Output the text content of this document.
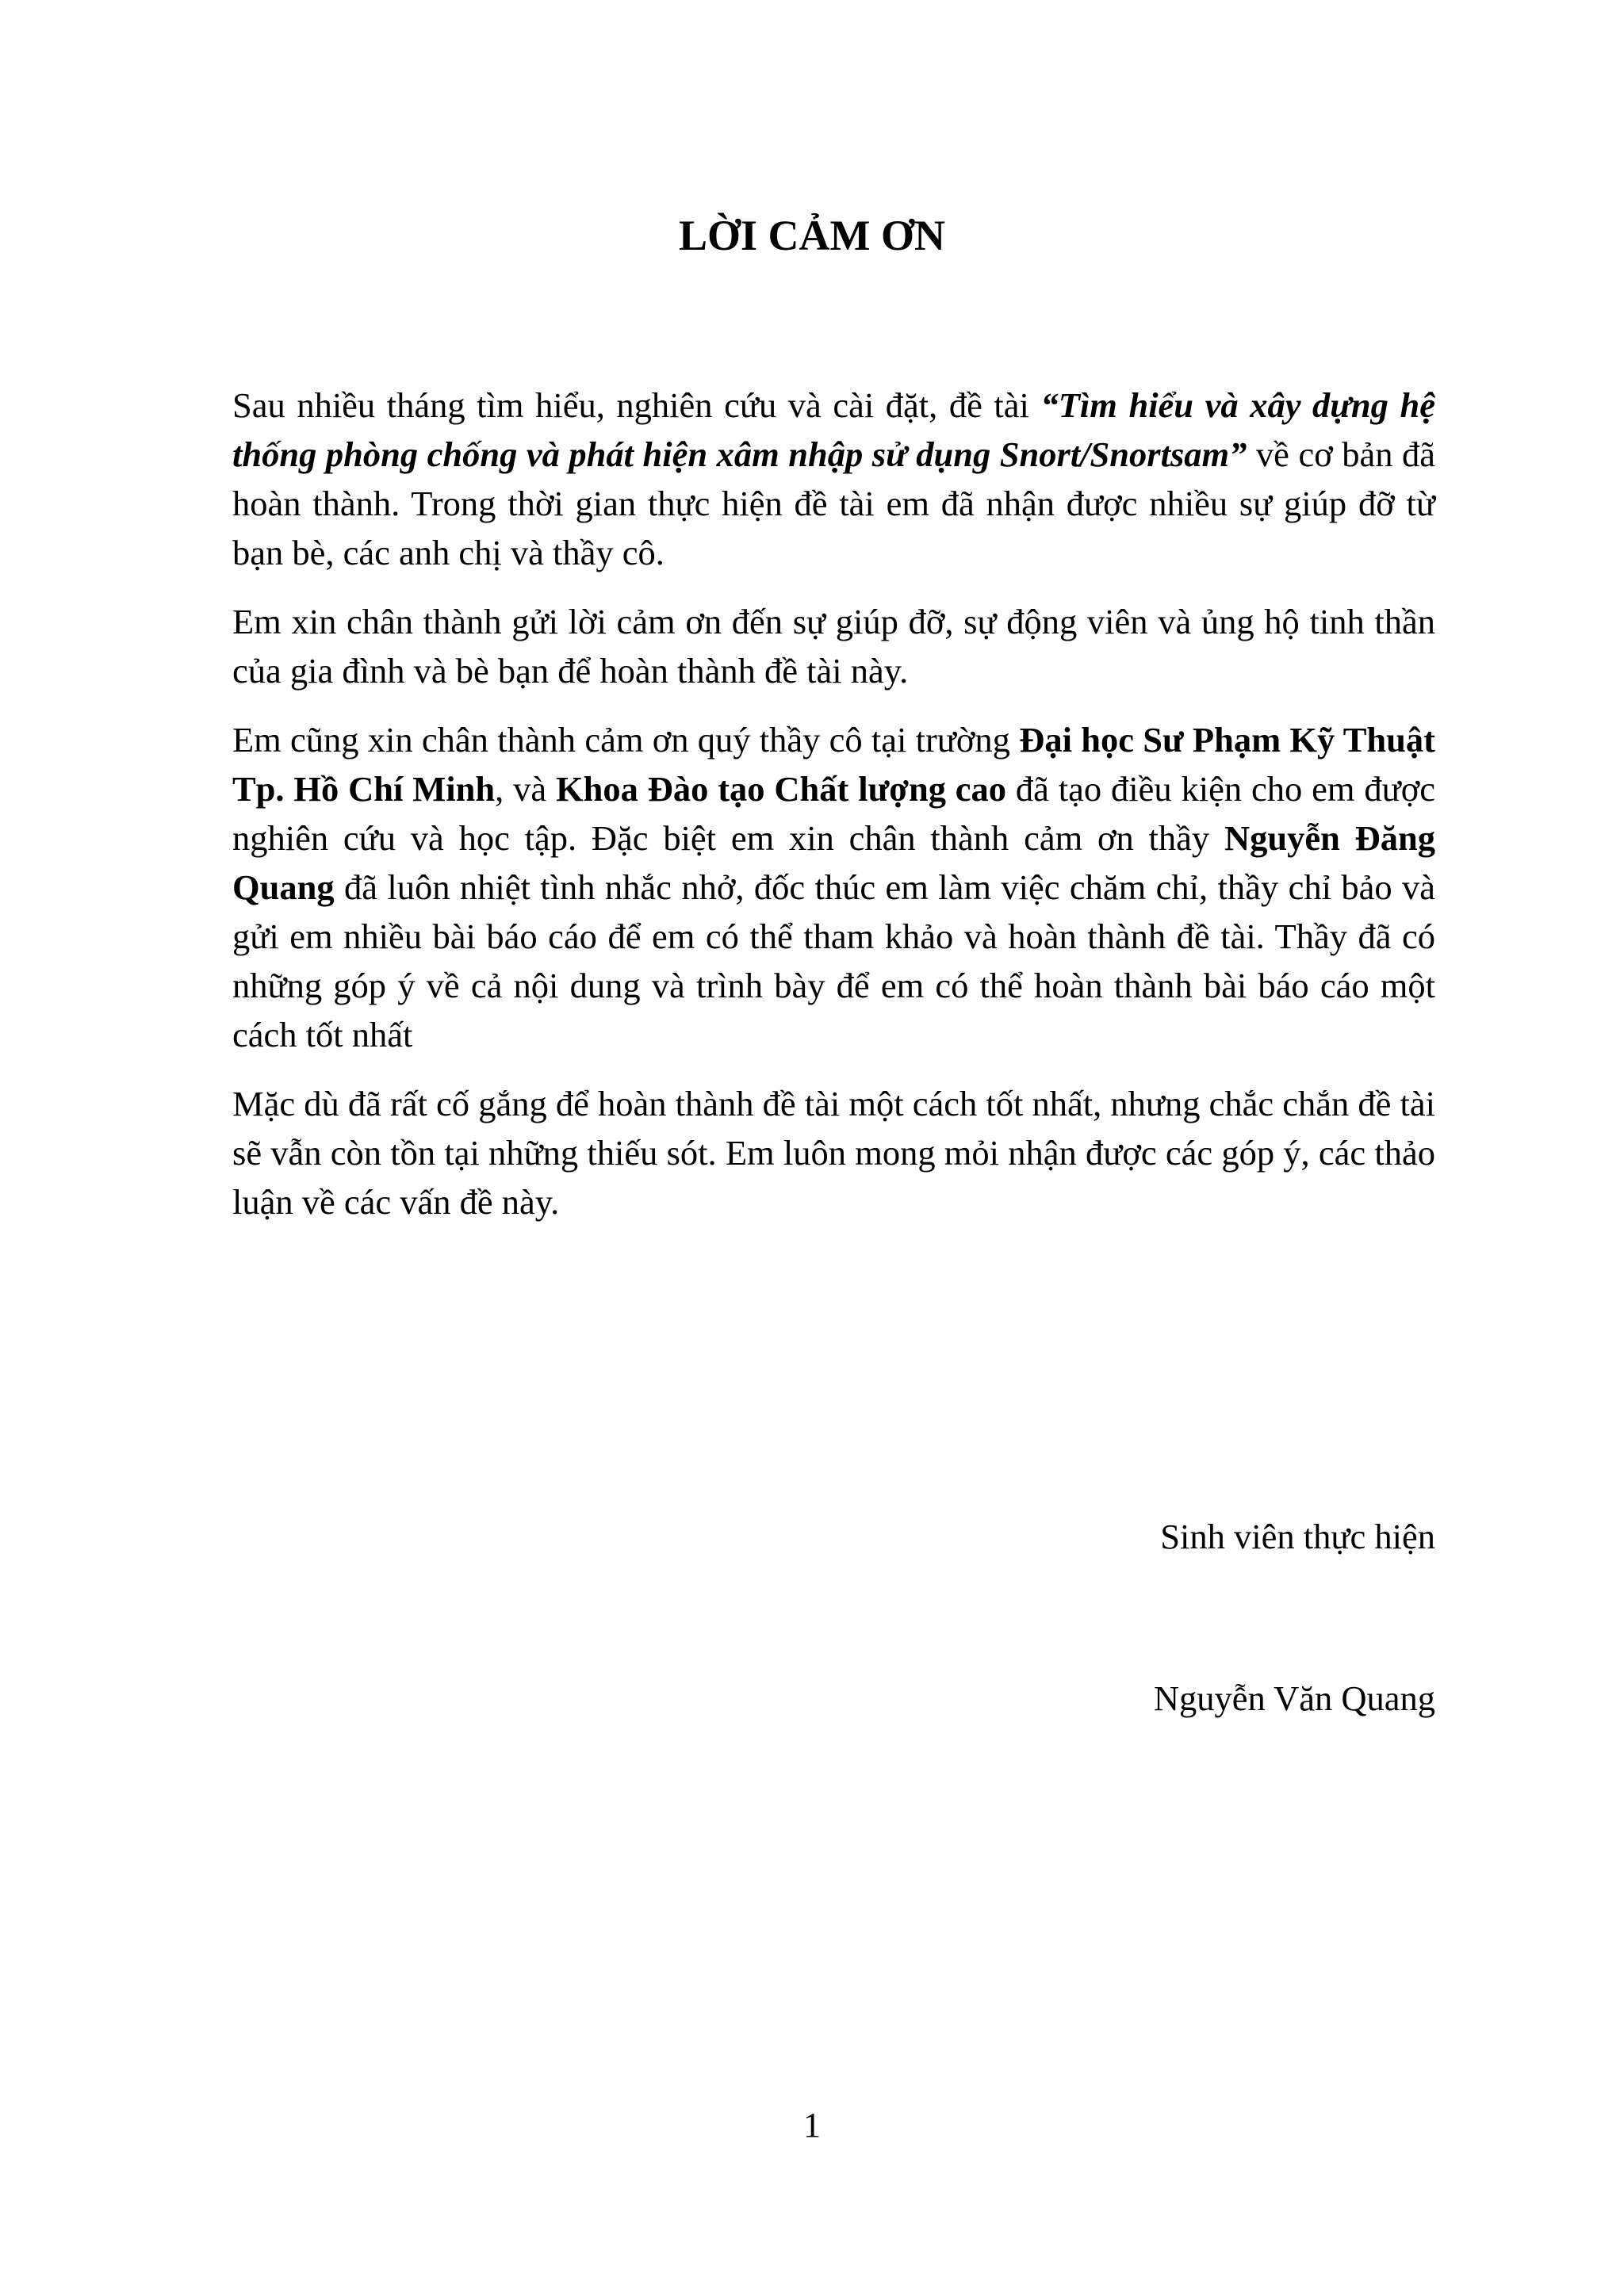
LỜI CẢM ƠN

Sau nhiều tháng tìm hiểu, nghiên cứu và cài đặt, đề tài “Tìm hiểu và xây dựng hệ thống phòng chống và phát hiện xâm nhập sử dụng Snort/Snortsam” về cơ bản đã hoàn thành. Trong thời gian thực hiện đề tài em đã nhận được nhiều sự giúp đỡ từ bạn bè, các anh chị và thầy cô.

Em xin chân thành gửi lời cảm ơn đến sự giúp đỡ, sự động viên và ủng hộ tinh thần của gia đình và bè bạn để hoàn thành đề tài này.

Em cũng xin chân thành cảm ơn quý thầy cô tại trường Đại học Sư Phạm Kỹ Thuật Tp. Hồ Chí Minh, và Khoa Đào tạo Chất lượng cao đã tạo điều kiện cho em được nghiên cứu và học tập. Đặc biệt em xin chân thành cảm ơn thầy Nguyễn Đăng Quang đã luôn nhiệt tình nhắc nhở, đốc thúc em làm việc chăm chỉ, thầy chỉ bảo và gửi em nhiều bài báo cáo để em có thể tham khảo và hoàn thành đề tài. Thầy đã có những góp ý về cả nội dung và trình bày để em có thể hoàn thành bài báo cáo một cách tốt nhất

Mặc dù đã rất cố gắng để hoàn thành đề tài một cách tốt nhất, nhưng chắc chắn đề tài sẽ vẫn còn tồn tại những thiếu sót. Em luôn mong mỏi nhận được các góp ý, các thảo luận về các vấn đề này.

Sinh viên thực hiện
Nguyễn Văn Quang
1
